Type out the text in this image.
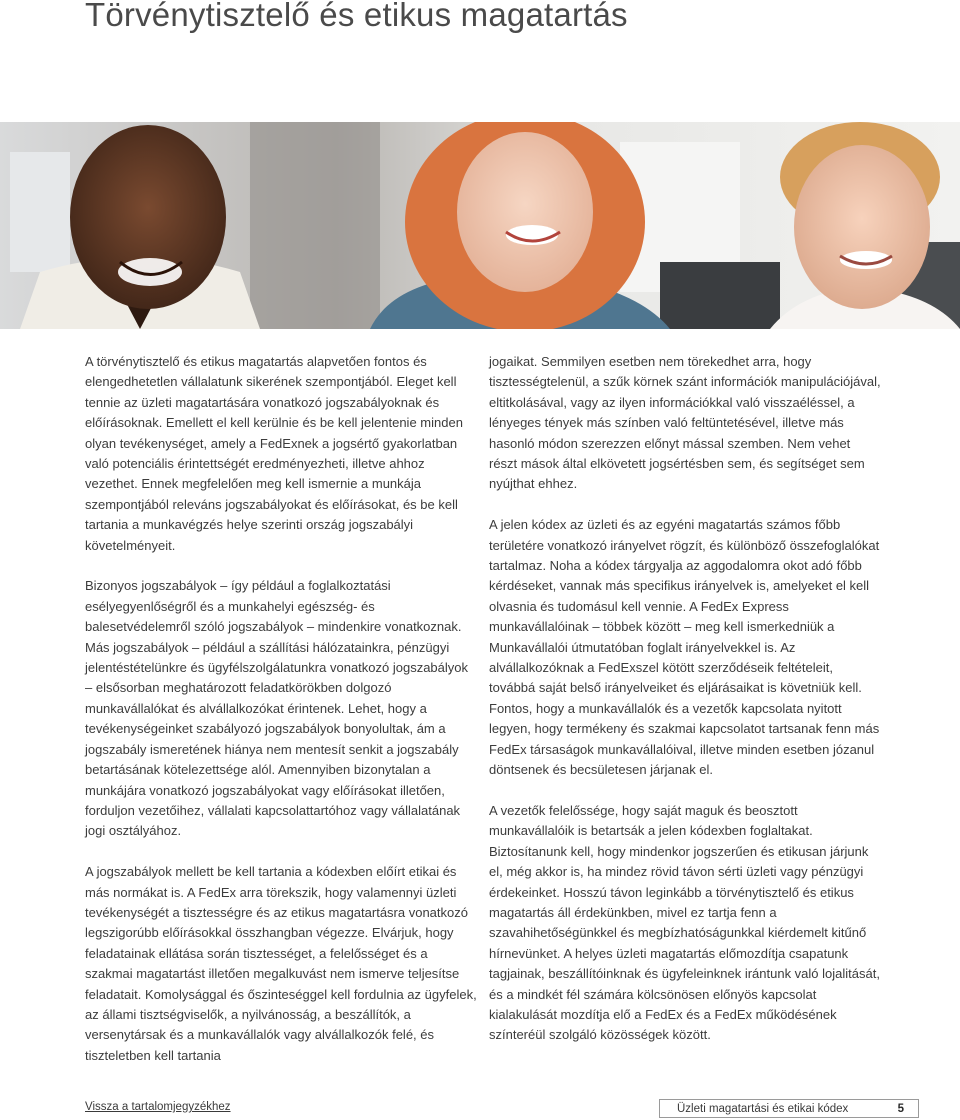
Törvénytisztelő és etikus magatartás

A törvénytisztelő és etikus magatartás alapvetően fontos és elengedhetetlen vállalatunk sikerének szempontjából. Eleget kell tennie az üzleti magatartására vonatkozó jogszabályoknak és előírásoknak. Emellett el kell kerülnie és be kell jelentenie minden olyan tevékenységet, amely a FedExnek a jogsértő gyakorlatban való potenciális érintettségét eredményezheti, illetve ahhoz vezethet. Ennek megfelelően meg kell ismernie a munkája szempontjából releváns jogszabályokat és előírásokat, és be kell tartania a munkavégzés helye szerinti ország jogszabályi követelményeit.

Bizonyos jogszabályok – így például a foglalkoztatási esélyegyenlőségről és a munkahelyi egészség- és balesetvédelemről szóló jogszabályok – mindenkire vonatkoznak. Más jogszabályok – például a szállítási hálózatainkra, pénzügyi jelentéstételünkre és ügyfélszolgálatunkra vonatkozó jogszabályok – elsősorban meghatározott feladatkörökben dolgozó munkavállalókat és alvállalkozókat érintenek. Lehet, hogy a tevékenységeinket szabályozó jogszabályok bonyolultak, ám a jogszabály ismeretének hiánya nem mentesít senkit a jogszabály betartásának kötelezettsége alól. Amennyiben bizonytalan a munkájára vonatkozó jogszabályokat vagy előírásokat illetően, forduljon vezetőihez, vállalati kapcsolattartóhoz vagy vállalatának jogi osztályához.

A jogszabályok mellett be kell tartania a kódexben előírt etikai és más normákat is. A FedEx arra törekszik, hogy valamennyi üzleti tevékenységét a tisztességre és az etikus magatartásra vonatkozó legszigorúbb előírásokkal összhangban végezze. Elvárjuk, hogy feladatainak ellátása során tisztességet, a felelősséget és a szakmai magatartást illetően megalkuvást nem ismerve teljesítse feladatait. Komolysággal és őszinteséggel kell fordulnia az ügyfelek, az állami tisztségviselők, a nyilvánosság, a beszállítók, a versenytársak és a munkavállalók vagy alvállalkozók felé, és tiszteletben kell tartania

jogaikat. Semmilyen esetben nem törekedhet arra, hogy tisztességtelenül, a szűk körnek szánt információk manipulációjával, eltitkolásával, vagy az ilyen információkkal való visszaéléssel, a lényeges tények más színben való feltüntetésével, illetve más hasonló módon szerezzen előnyt mással szemben. Nem vehet részt mások által elkövetett jogsértésben sem, és segítséget sem nyújthat ehhez.

A jelen kódex az üzleti és az egyéni magatartás számos főbb területére vonatkozó irányelvet rögzít, és különböző összefoglalókat tartalmaz. Noha a kódex tárgyalja az aggodalomra okot adó főbb kérdéseket, vannak más specifikus irányelvek is, amelyeket el kell olvasnia és tudomásul kell vennie. A FedEx Express munkavállalóinak – többek között – meg kell ismerkedniük a Munkavállalói útmutatóban foglalt irányelvekkel is. Az alvállalkozóknak a FedExszel kötött szerződéseik feltételeit, továbbá saját belső irányelveiket és eljárásaikat is követniük kell. Fontos, hogy a munkavállalók és a vezetők kapcsolata nyitott legyen, hogy termékeny és szakmai kapcsolatot tartsanak fenn más FedEx társaságok munkavállalóival, illetve minden esetben józanul döntsenek és becsületesen járjanak el.

A vezetők felelőssége, hogy saját maguk és beosztott munkavállalóik is betartsák a jelen kódexben foglaltakat. Biztosítanunk kell, hogy mindenkor jogszerűen és etikusan járjunk el, még akkor is, ha mindez rövid távon sérti üzleti vagy pénzügyi érdekeinket. Hosszú távon leginkább a törvénytisztelő és etikus magatartás áll érdekünkben, mivel ez tartja fenn a szavahihetőségünkkel és megbízhatóságunkkal kiérdemelt kitűnő hírnevünket. A helyes üzleti magatartás előmozdítja csapatunk tagjainak, beszállítóinknak és ügyfeleinknek irántunk való lojalitását, és a mindkét fél számára kölcsönösen előnyös kapcsolat kialakulását mozdítja elő a FedEx és a FedEx működésének színteréül szolgáló közösségek között.

Vissza a tartalomjegyzékhez	Üzleti magatartási és etikai kódex	5
